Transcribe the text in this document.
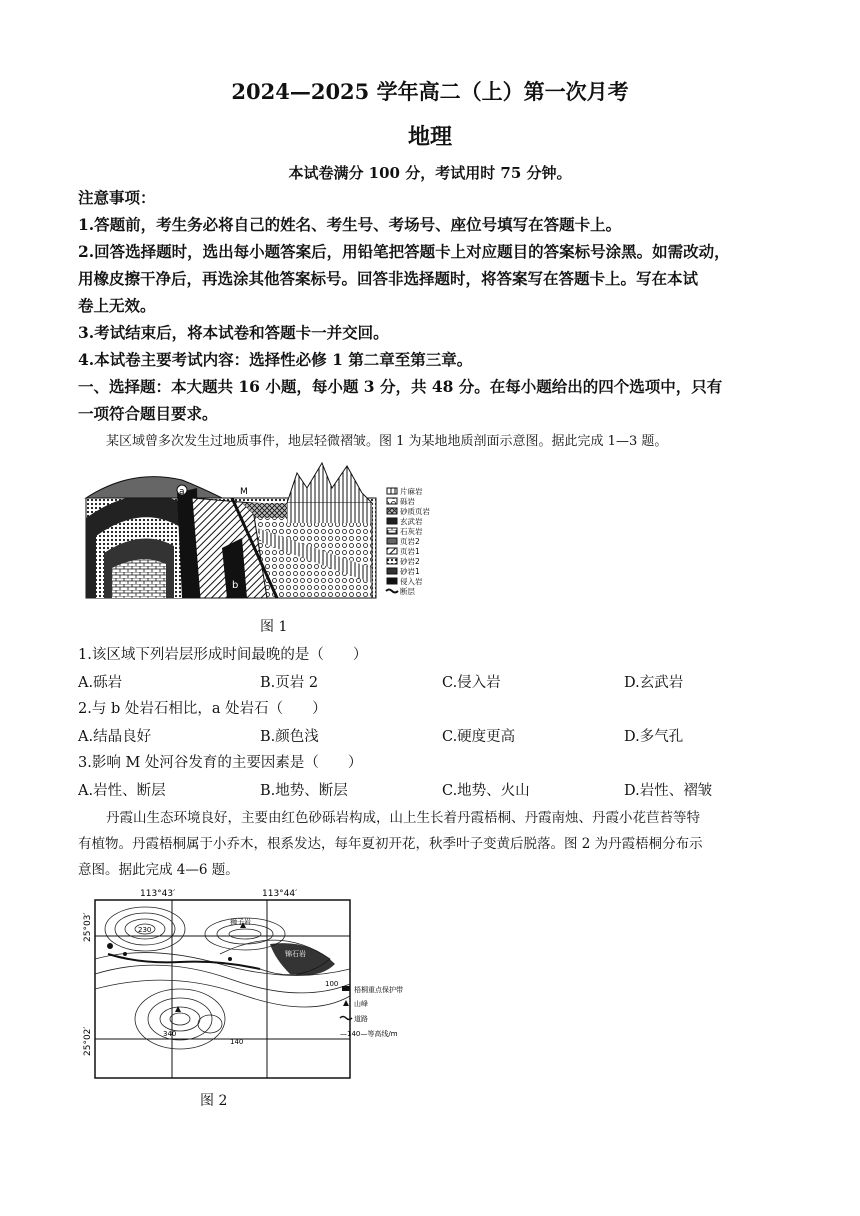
2024—2025 学年高二（上）第一次月考
地理
本试卷满分 100 分，考试用时 75 分钟。
注意事项：
1.答题前，考生务必将自己的姓名、考生号、考场号、座位号填写在答题卡上。
2.回答选择题时，选出每小题答案后，用铅笔把答题卡上对应题目的答案标号涂黑。如需改动，
用橡皮擦干净后，再选涂其他答案标号。回答非选择题时，将答案写在答题卡上。写在本试
卷上无效。
3.考试结束后，将本试卷和答题卡一并交回。
4.本试卷主要考试内容：选择性必修 1 第二章至第三章。
一、选择题：本大题共 16 小题，每小题 3 分，共 48 分。在每小题给出的四个选项中，只有
一项符合题目要求。
某区域曾多次发生过地质事件，地层轻微褶皱。图 1 为某地地质剖面示意图。据此完成 1—3 题。
a
b
M	片麻岩
砾岩
砂质页岩
玄武岩
石灰岩
页岩2
页岩1
砂岩2
砂岩1
侵入岩
断层
图 1
1.该区域下列岩层形成时间最晚的是（　　）
A.砾岩	B.页岩 2	C.侵入岩	D.玄武岩
2.与 b 处岩石相比，a 处岩石（　　）
A.结晶良好	B.颜色浅	C.硬度更高	D.多气孔
3.影响 M 处河谷发育的主要因素是（　　）
A.岩性、断层	B.地势、断层	C.地势、火山	D.岩性、褶皱
丹霞山生态环境良好，主要由红色砂砾岩构成，山上生长着丹霞梧桐、丹霞南烛、丹霞小花苣苔等特
有植物。丹霞梧桐属于小乔木，根系发达，每年夏初开花，秋季叶子变黄后脱落。图 2 为丹霞梧桐分布示
意图。据此完成 4—6 题。
113°43′	113°44′
25°03′
25°02′
狮子岩
锦石岩
230
140
100
340
梧桐重点保护带
山峰
道路
—140—等高线/m
图 2
